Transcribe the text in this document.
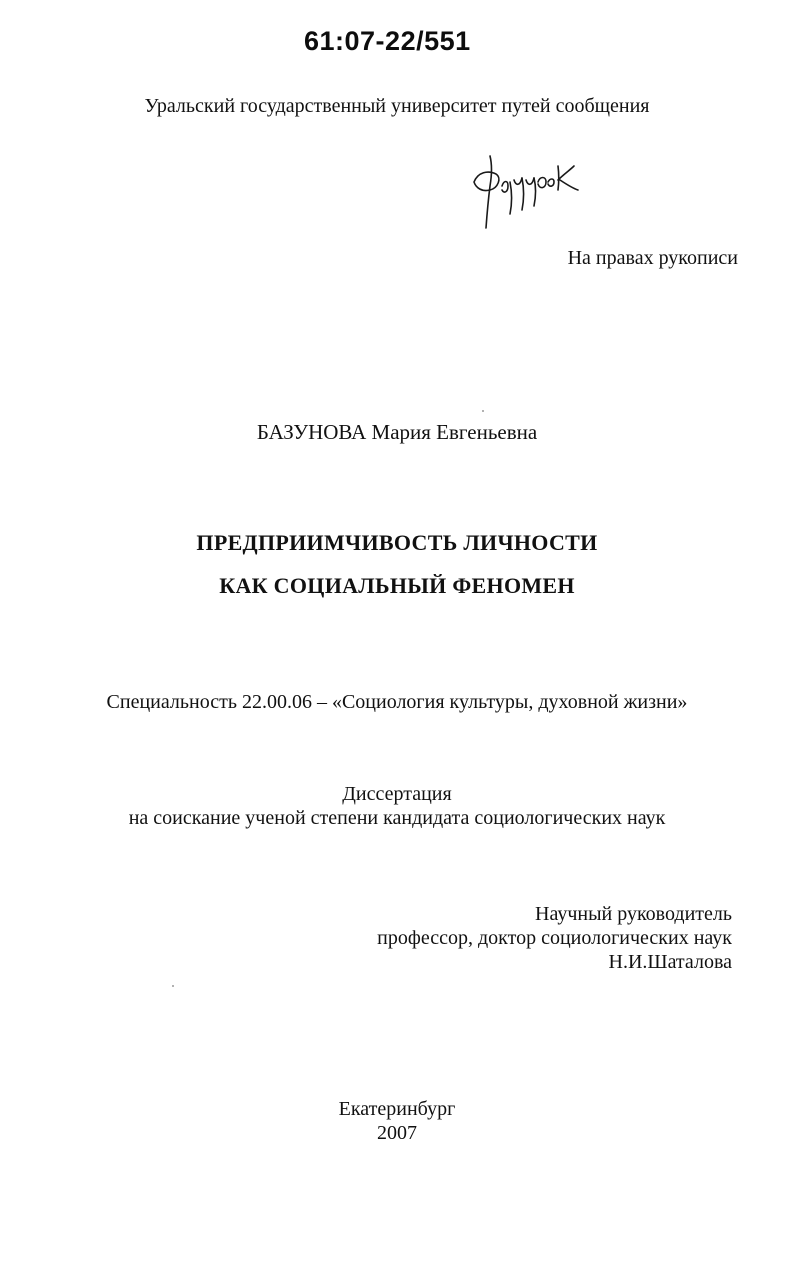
61:07-22/551
Уральский государственный университет путей сообщения
На правах рукописи
БАЗУНОВА Мария Евгеньевна
ПРЕДПРИИМЧИВОСТЬ ЛИЧНОСТИ
КАК СОЦИАЛЬНЫЙ ФЕНОМЕН
Специальность 22.00.06 – «Социология культуры, духовной жизни»
Диссертация
на соискание ученой степени кандидата социологических наук
Научный руководитель
профессор, доктор социологических наук
Н.И.Шаталова
Екатеринбург
2007
